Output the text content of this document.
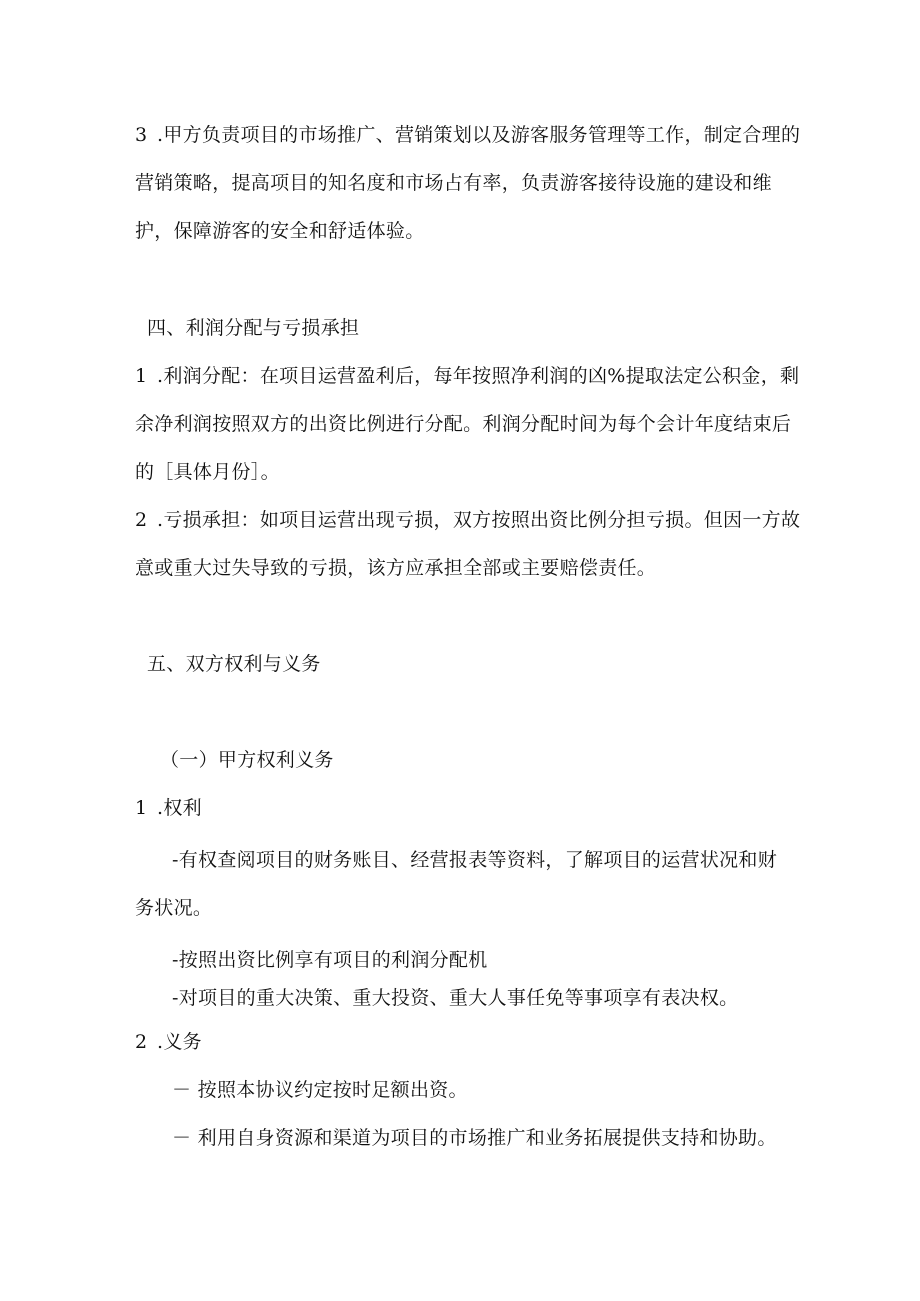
3 .甲方负责项目的市场推广、营销策划以及游客服务管理等工作，制定合理的
营销策略，提高项目的知名度和市场占有率，负责游客接待设施的建设和维
护，保障游客的安全和舒适体验。
四、利润分配与亏损承担
1 .利润分配：在项目运营盈利后，每年按照净利润的凶%提取法定公积金，剩
余净利润按照双方的出资比例进行分配。利润分配时间为每个会计年度结束后
的［具体月份］。
2 .亏损承担：如项目运营出现亏损，双方按照出资比例分担亏损。但因一方故
意或重大过失导致的亏损，该方应承担全部或主要赔偿责任。
五、双方权利与义务
（一）甲方权利义务
1 .权利
-有权查阅项目的财务账目、经营报表等资料，了解项目的运营状况和财
务状况。
-按照出资比例享有项目的利润分配机
-对项目的重大决策、重大投资、重大人事任免等事项享有表决权。
2 .义务
－ 按照本协议约定按时足额出资。
－ 利用自身资源和渠道为项目的市场推广和业务拓展提供支持和协助。
